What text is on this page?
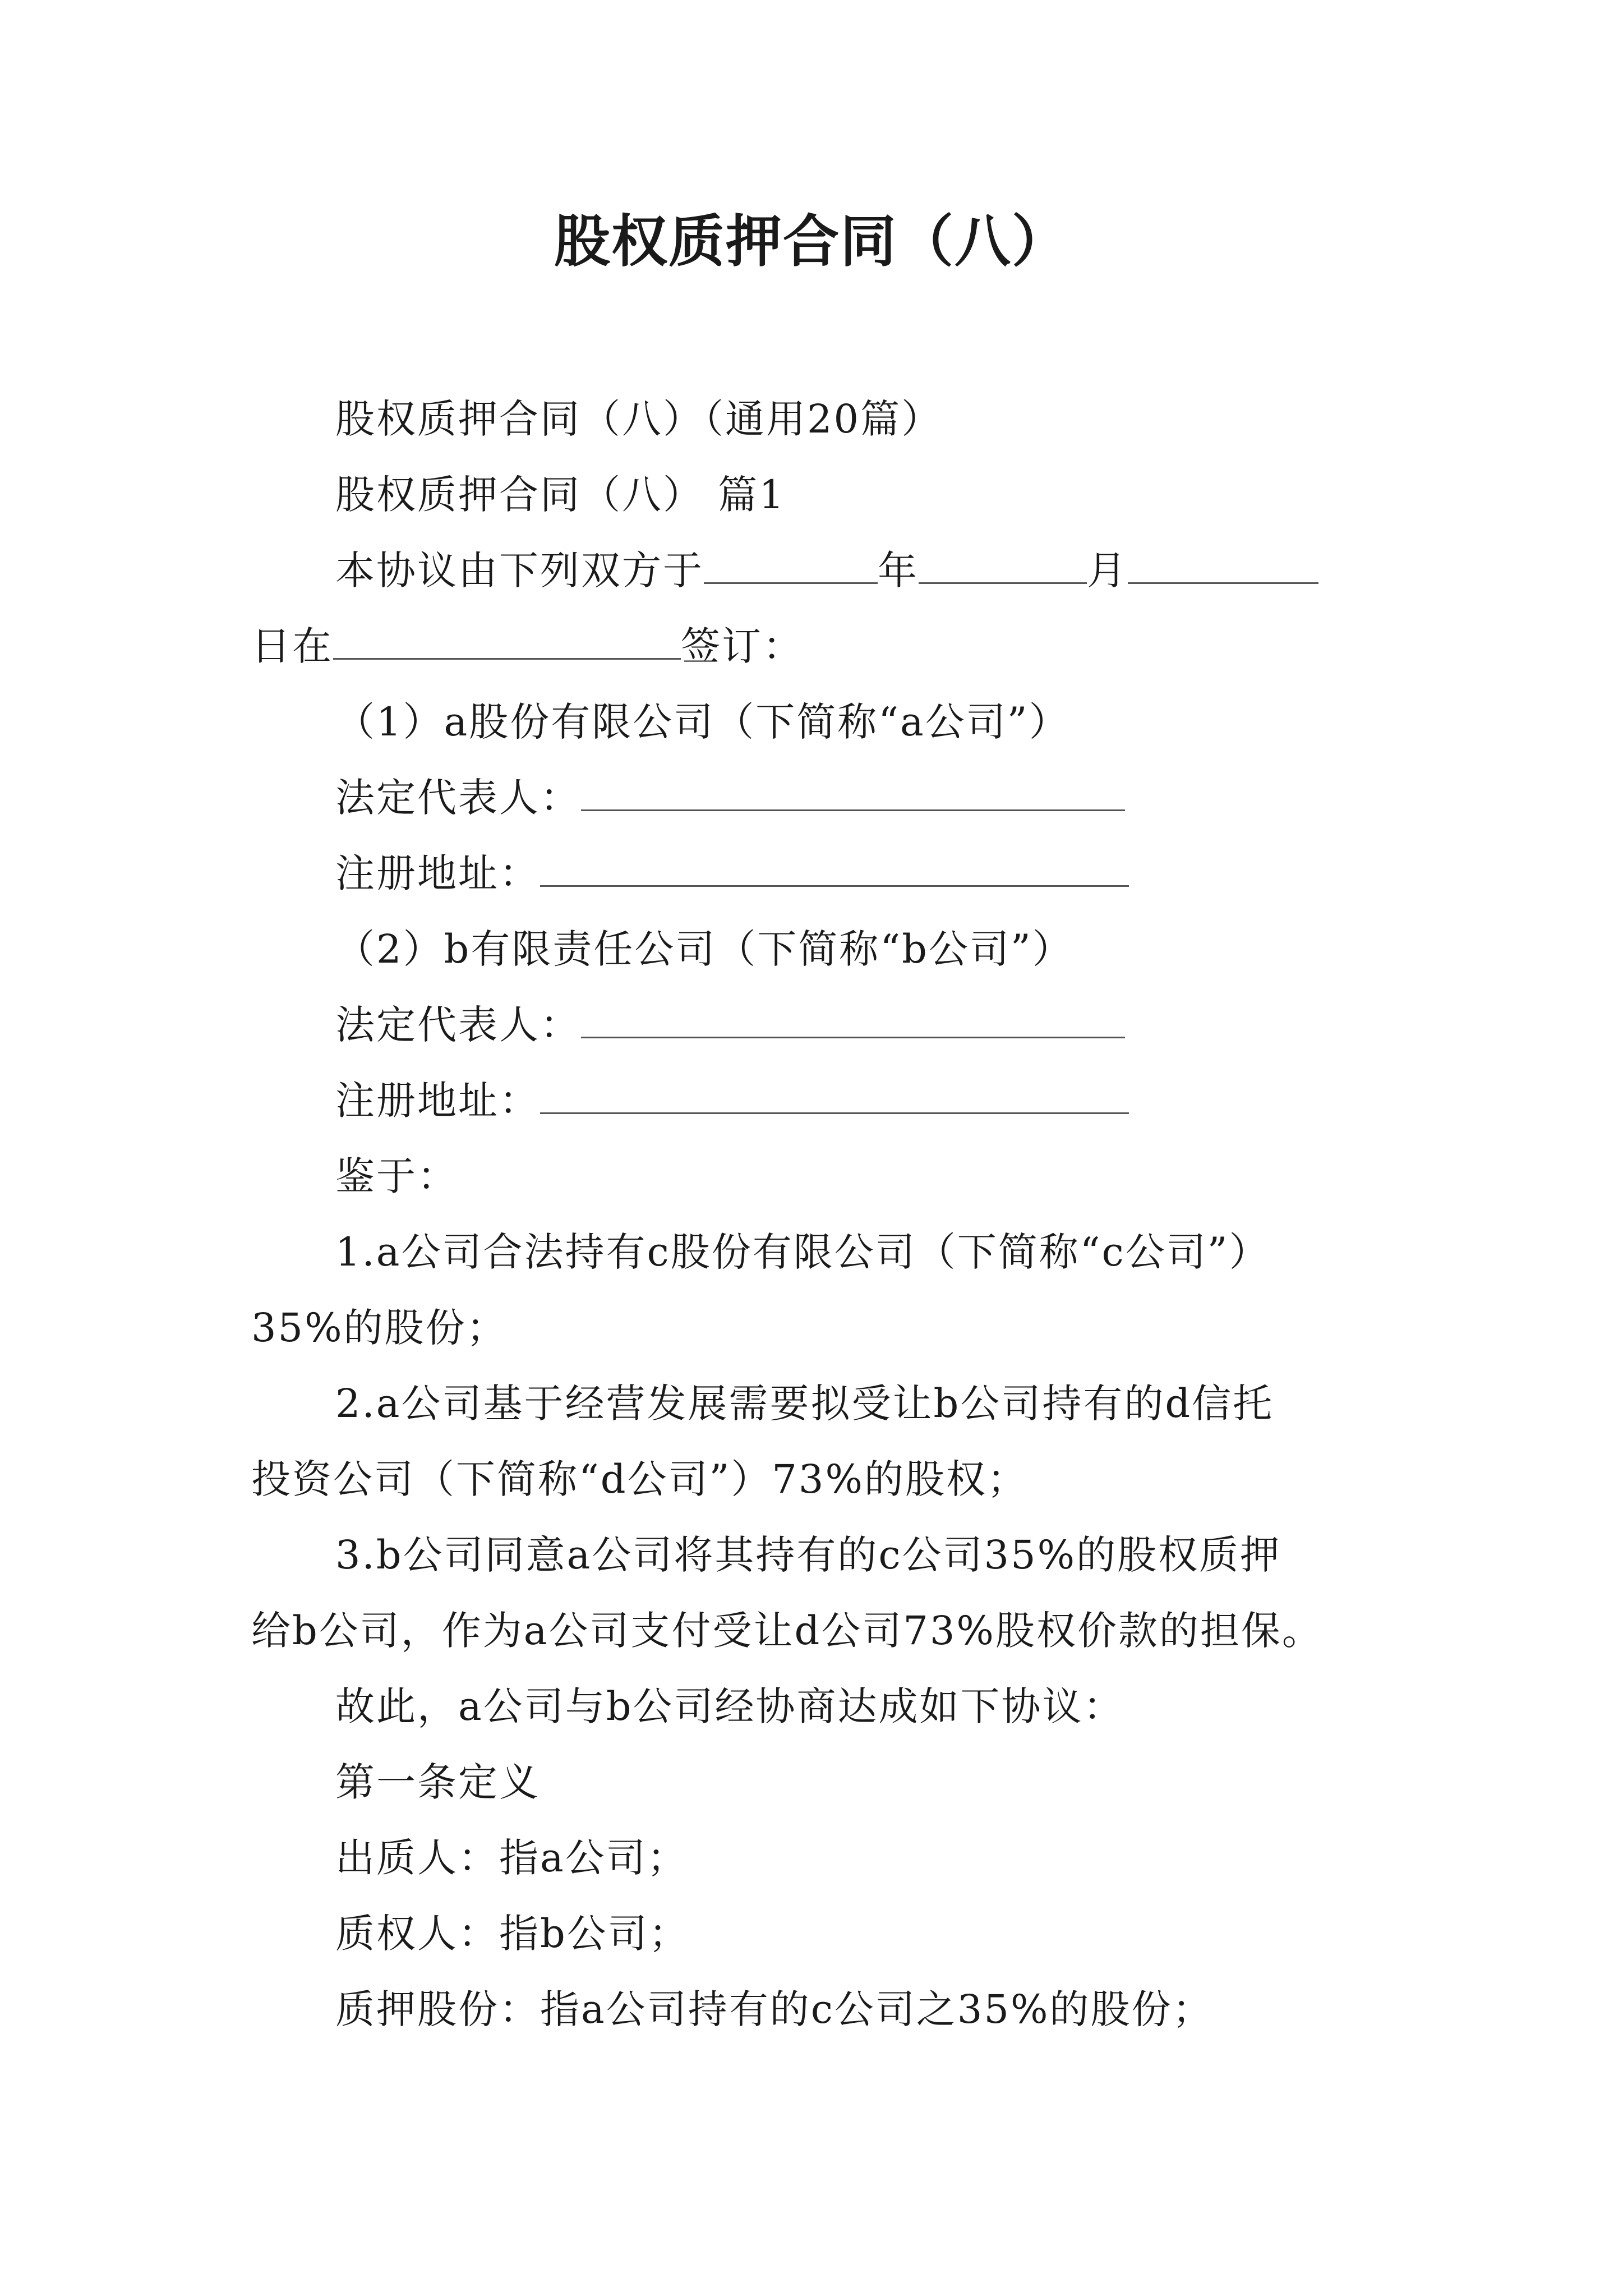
股权质押合同（八）
股权质押合同（八）（通用20篇）
股权质押合同（八） 篇1
本协议由下列双方于	年	月
日在	签订：
（1）a股份有限公司（下简称“a公司”）
法定代表人：
注册地址：
（2）b有限责任公司（下简称“b公司”）
法定代表人：
注册地址：
鉴于：
1.a公司合法持有c股份有限公司（下简称“c公司”）
35%的股份；
2.a公司基于经营发展需要拟受让b公司持有的d信托
投资公司（下简称“d公司”）73%的股权；
3.b公司同意a公司将其持有的c公司35%的股权质押
给b公司，作为a公司支付受让d公司73%股权价款的担保。
故此，a公司与b公司经协商达成如下协议：
第一条定义
出质人：指a公司；
质权人：指b公司；
质押股份：指a公司持有的c公司之35%的股份；
